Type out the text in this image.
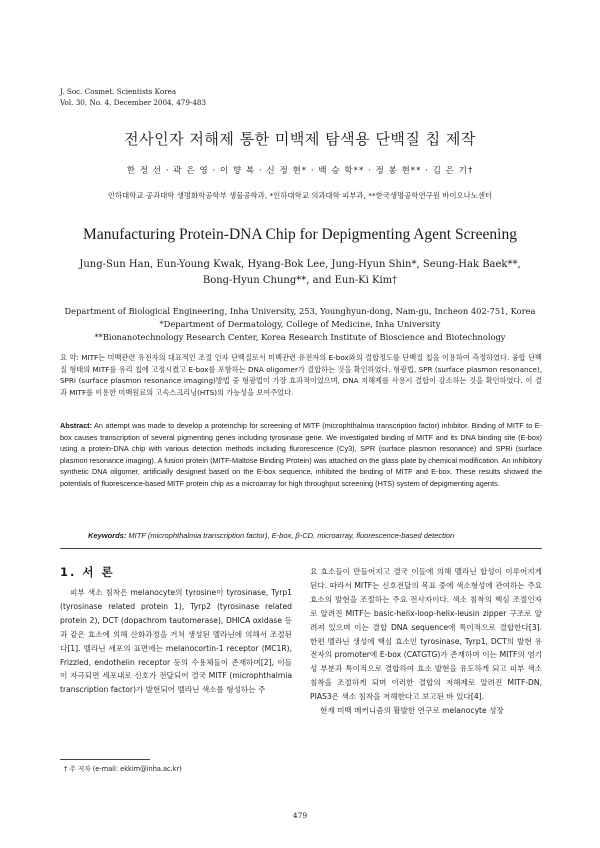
J. Soc. Cosmet. Scientists Korea
Vol. 30, No. 4, December 2004, 479-483
전사인자 저해제 통한 미백제 탐색용 단백질 칩 제작
한 정 선 · 곽 은 영 · 이 향 복 · 신 정 현* · 백 승 학** · 정 봉 현** · 김 은 기†
인하대학교 공과대학 생명화학공학부 생물공학과, *인하대학교 의과대학 피부과, **한국생명공학연구원 바이오나노센터
Manufacturing Protein-DNA Chip for Depigmenting Agent Screening
Jung-Sun Han, Eun-Young Kwak, Hyang-Bok Lee, Jung-Hyun Shin*, Seung-Hak Baek**,
Bong-Hyun Chung**, and Eun-Ki Kim†
Department of Biological Engineering, Inha University, 253, Younghyun-dong, Nam-gu, Incheon 402-751, Korea
*Department of Dermatology, College of Medicine, Inha University
**Bionanotechnology Research Center, Korea Research Institute of Bioscience and Biotechnology
요 약: MITF는 미백관련 유전자의 대표적인 조절 인자 단백질로서 미백관련 유전자의 E-box와의 결합정도를 단백질 칩을 이용하여 측정하였다. 융합 단백질 형태의 MITF를 유리 칩에 고정시켰고 E-box를 포함하는 DNA oligomer가 결합하는 것을 확인하였다. 형광법, SPR (surface plasmon resonance), SPRi (surface plasmon resonance imaging)방법 중 형광법이 가장 효과적이었으며, DNA 저해제를 사용시 결합이 감소하는 것을 확인하였다. 이 결과 MITF를 이용한 미백원료의 고속스크리닝(HTS)의 가능성을 보여주었다.
Abstract: An attempt was made to develop a proteinchip for screening of MITF (microphthalmia transcription factor) inhibitor. Binding of MITF to E-box causes transcription of several pigmenting genes including tyrosinase gene. We investigated binding of MITF and its DNA binding site (E-box) using a protein-DNA chip with various detection methods including flurorescence (Cy3), SPR (surface plasmon resonance) and SPRi (surface plasmon resonance imaging). A fusion protein (MITF-Maltose Binding Protein) was attached on the glass plate by chemical modification. An inhibitory synthetic DNA oligomer, artificially designed based on the E-box sequence, inhibited the binding of MITF and E-box. These results showed the potentials of fluorescence-based MITF protein chip as a microarray for high throughput screening (HTS) system of depigmenting agents.
Keywords: MITF (microphthalmia transcription factor), E-box, β-CD, microarray, fluorescence-based detection
1. 서 론
피부 색소 침착은 melanocyte의 tyrosine이 tyrosinase, Tyrp1 (tyrosinase related protein 1), Tyrp2 (tyrosinase related protein 2), DCT (dopachrom tautomerase), DHICA oxidase 등과 같은 효소에 의해 산화과정을 거쳐 생성된 멜라닌에 의해서 조절된다[1]. 멜라닌 세포의 표면에는 melanocortin-1 receptor (MC1R), Frizzled, endothelin receptor 등의 수용체들이 존재하며[2], 이들이 자극되면 세포내로 신호가 전달되어 결국 MITF (microphthalmia transcription factor)가 발현되어 멜라닌 색소를 형성하는 주
요 효소들이 만들어지고 결국 이들에 의해 멜라닌 합성이 이루어지게 된다. 따라서 MITF는 신호전달의 목표 중에 색소형성에 관여하는 주요 효소의 발현을 조절하는 주요 전사자이다. 색소 침착의 핵심 조절인자로 알려진 MITF는 basic-helix-loop-helix-leusin zipper 구조로 알려져 있으며 이는 결합 DNA sequence에 특이적으로 결합한다[3]. 한편 멜라닌 생성에 핵심 효소인 tyrosinase, Tyrp1, DCT의 발현 유전자의 promoter에 E-box (CATGTG)가 존재하며 이는 MITF의 염기성 부분과 특이적으로 결합하여 효소 발현을 유도하게 되고 피부 색소 침착을 조절하게 되며 이러한 결합의 저해제로 알려진 MITF-DN, PIAS3은 색소 침착을 저해한다고 보고된 바 있다[4].
현재 미백 메커니즘의 활발한 연구로 melanocyte 성장
† 주 저자 (e-mail: ekkim@inha.ac.kr)
479
